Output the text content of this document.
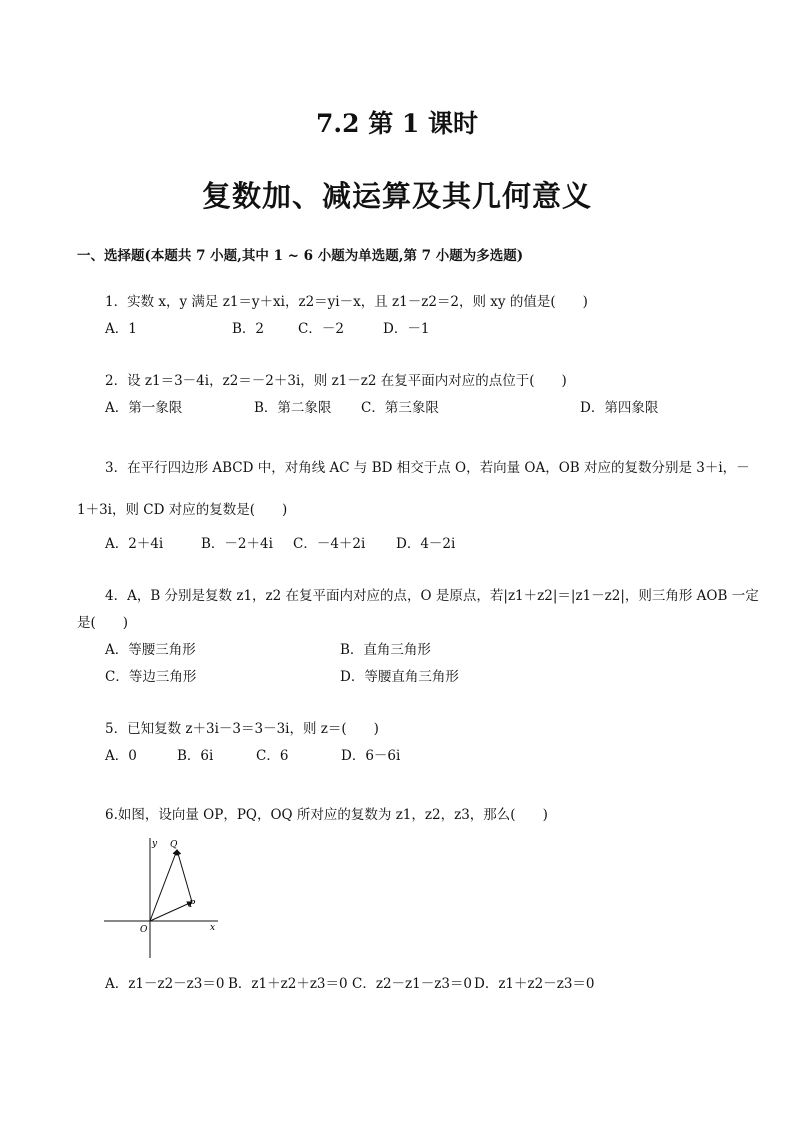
7.2 第 1 课时
复数加、减运算及其几何意义
一、选择题(本题共 7 小题,其中 1 ~ 6 小题为单选题,第 7 小题为多选题)
1．实数 x，y 满足 z1＝y＋xi，z2＝yi－x，且 z1－z2＝2，则 xy 的值是(　　)
A．1	B．2	C．－2	D．－1
2．设 z1＝3－4i，z2＝－2＋3i，则 z1－z2 在复平面内对应的点位于(　　)
A．第一象限	B．第二象限 C．第三象限	D．第四象限
3．在平行四边形 ABCD 中，对角线 AC 与 BD 相交于点 O，若向量 OA，OB 对应的复数分别是 3＋i，－
1＋3i，则 CD 对应的复数是(　　)
A．2＋4i	B．－2＋4i C．－4＋2i D．4－2i
4．A，B 分别是复数 z1，z2 在复平面内对应的点，O 是原点，若|z1＋z2|＝|z1－z2|，则三角形 AOB 一定
是(　　)
A．等腰三角形	B．直角三角形
C．等边三角形	D．等腰直角三角形
5．已知复数 z＋3i－3＝3－3i，则 z＝(　　)
A．0	B．6i	C．6	D．6－6i
6.如图，设向量 OP，PQ，OQ 所对应的复数为 z1，z2，z3，那么(　　)
y
x
O
Q
P
A．z1－z2－z3＝0 B．z1＋z2＋z3＝0 C．z2－z1－z3＝0 D．z1＋z2－z3＝0
